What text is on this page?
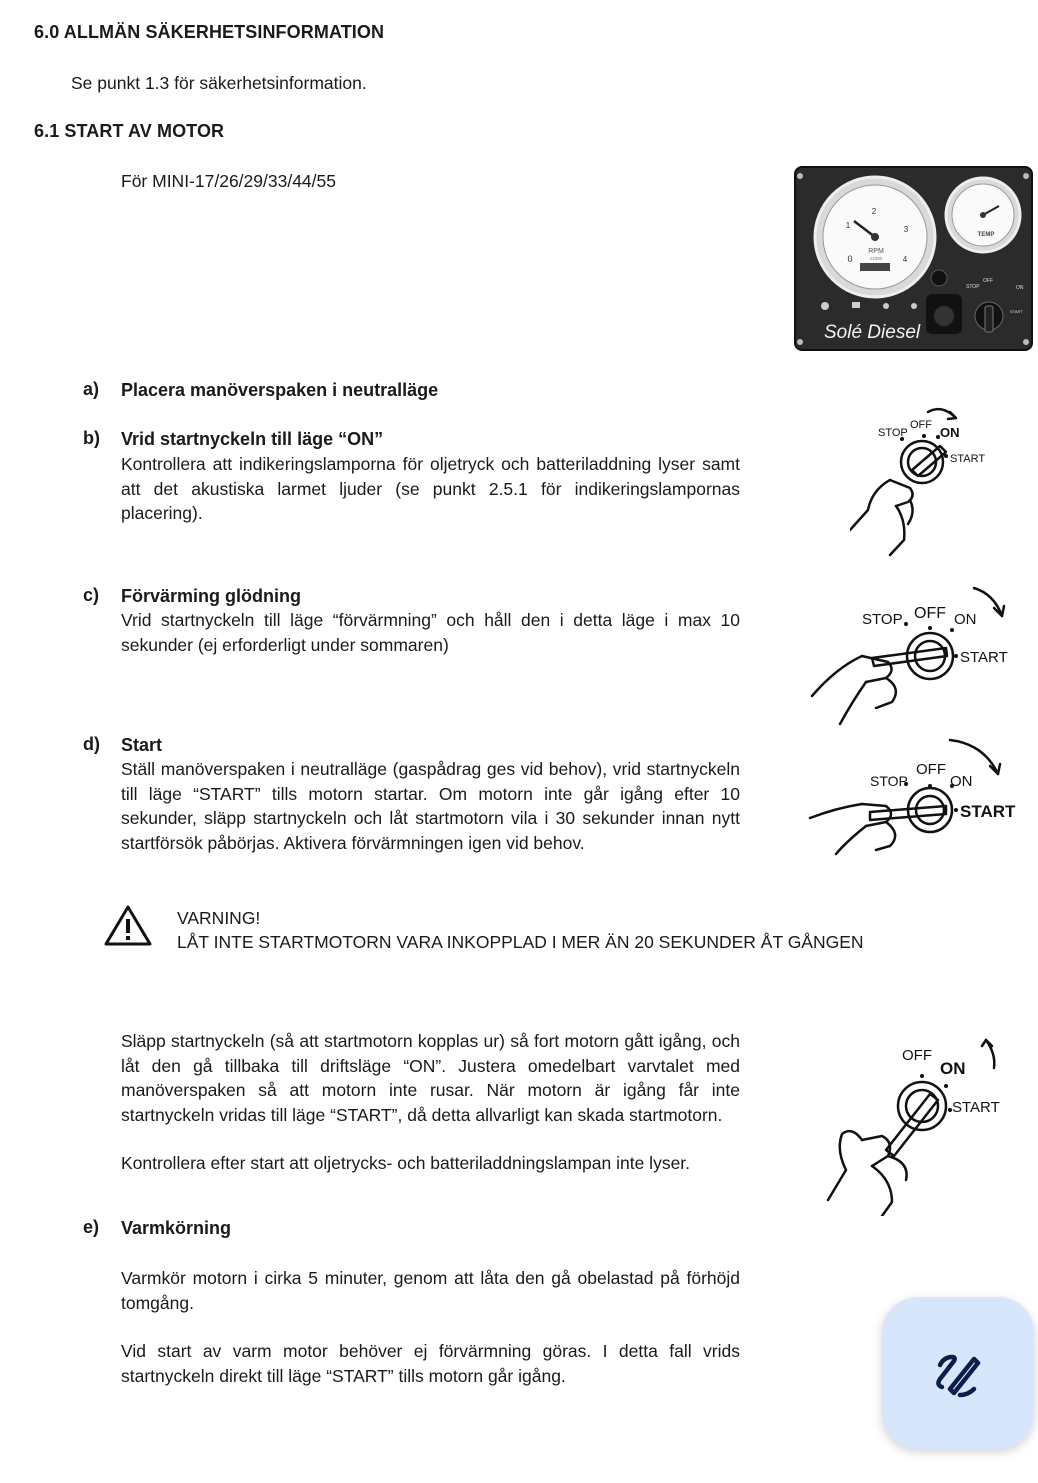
6.0 ALLMÄN SÄKERHETSINFORMATION
Se punkt 1.3 för säkerhetsinformation.
6.1 START AV MOTOR
För MINI-17/26/29/33/44/55
2
3
1
0	4
RPM
x1000
TEMP
STOP
OFF
ON
START
Solé Diesel
a) Placera manöverspaken i neutralläge
b) Vrid startnyckeln till läge “ON”
Kontrollera att indikeringslamporna för oljetryck och batteriladdning lyser samt att det akustiska larmet ljuder (se punkt 2.5.1 för indikeringslampornas placering).
STOP
OFF ON
START
c) Förvärming glödning
Vrid startnyckeln till läge “förvärmning” och håll den i detta läge i max 10 sekunder (ej erforderligt under sommaren)
STOP OFF ON
START
d) Start
Ställ manöverspaken i neutralläge (gaspådrag ges vid behov), vrid startnyckeln till läge “START” tills motorn startar. Om motorn inte går igång efter 10 sekunder, släpp startnyckeln och låt startmotorn vila i 30 sekunder innan nytt startförsök påbörjas. Aktivera förvärmningen igen vid behov.
STOP
OFF
ON
START
VARNING!
LÅT INTE STARTMOTORN VARA INKOPPLAD I MER ÄN 20 SEKUNDER ÅT GÅNGEN
Släpp startnyckeln (så att startmotorn kopplas ur) så fort motorn gått igång, och låt den gå tillbaka till driftsläge “ON”. Justera omedelbart varvtalet med manöverspaken så att motorn inte rusar. När motorn är igång får inte startnyckeln vridas till läge “START”, då detta allvarligt kan skada startmotorn.
Kontrollera efter start att oljetrycks- och batteriladdningslampan inte lyser.
OFF
ON
START
e) Varmkörning
Varmkör motorn i cirka 5 minuter, genom att låta den gå obelastad på förhöjd tomgång.
Vid start av varm motor behöver ej förvärmning göras. I detta fall vrids startnyckeln direkt till läge “START” tills motorn går igång.
